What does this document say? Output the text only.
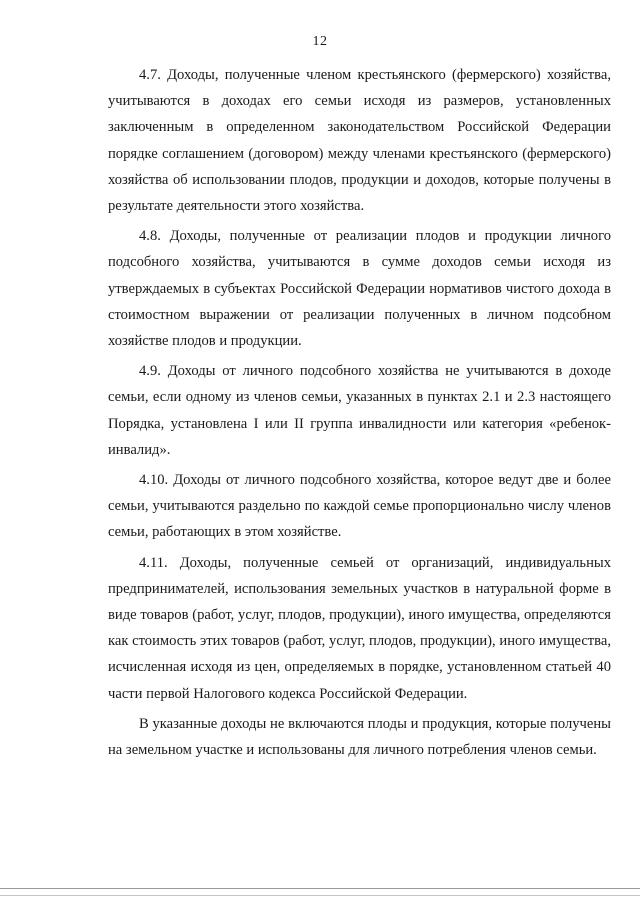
12

4.7. Доходы, полученные членом крестьянского (фермерского) хозяйства, учитываются в доходах его семьи исходя из размеров, установленных заключенным в определенном законодательством Российской Федерации порядке соглашением (договором) между членами крестьянского (фермерского) хозяйства об использовании плодов, продукции и доходов, которые получены в результате деятельности этого хозяйства.

4.8. Доходы, полученные от реализации плодов и продукции личного подсобного хозяйства, учитываются в сумме доходов семьи исходя из утверждаемых в субъектах Российской Федерации нормативов чистого дохода в стоимостном выражении от реализации полученных в личном подсобном хозяйстве плодов и продукции.

4.9. Доходы от личного подсобного хозяйства не учитываются в доходе семьи, если одному из членов семьи, указанных в пунктах 2.1 и 2.3 настоящего Порядка, установлена I или II группа инвалидности или категория «ребенок-инвалид».

4.10. Доходы от личного подсобного хозяйства, которое ведут две и более семьи, учитываются раздельно по каждой семье пропорционально числу членов семьи, работающих в этом хозяйстве.

4.11. Доходы, полученные семьей от организаций, индивидуальных предпринимателей, использования земельных участков в натуральной форме в виде товаров (работ, услуг, плодов, продукции), иного имущества, определяются как стоимость этих товаров (работ, услуг, плодов, продукции), иного имущества, исчисленная исходя из цен, определяемых в порядке, установленном статьей 40 части первой Налогового кодекса Российской Федерации.

В указанные доходы не включаются плоды и продукция, которые получены на земельном участке и использованы для личного потребления членов семьи.
